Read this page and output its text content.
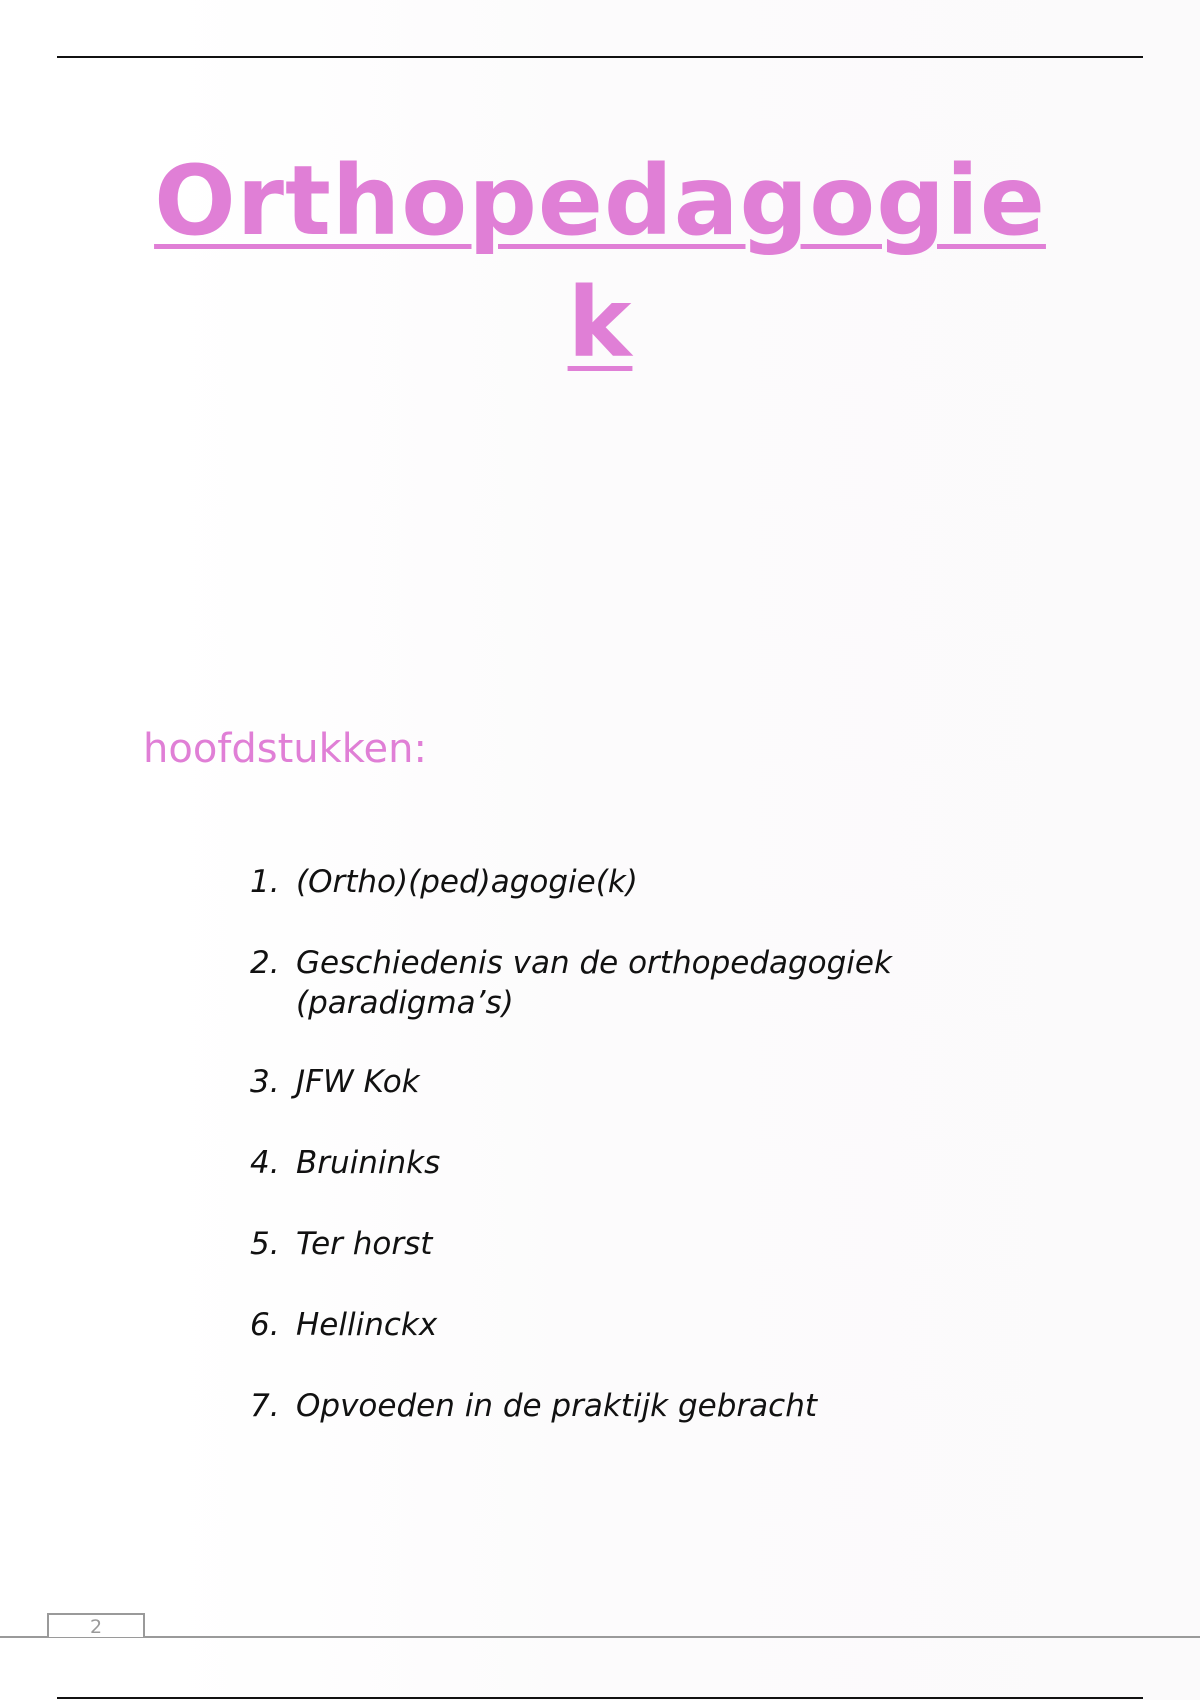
Orthopedagogie
k
hoofdstukken:
1. (Ortho)(ped)agogie(k)
2. Geschiedenis van de orthopedagogiek
(paradigma’s)
3. JFW Kok
4. Bruininks
5. Ter horst
6. Hellinckx
7. Opvoeden in de praktijk gebracht
2
